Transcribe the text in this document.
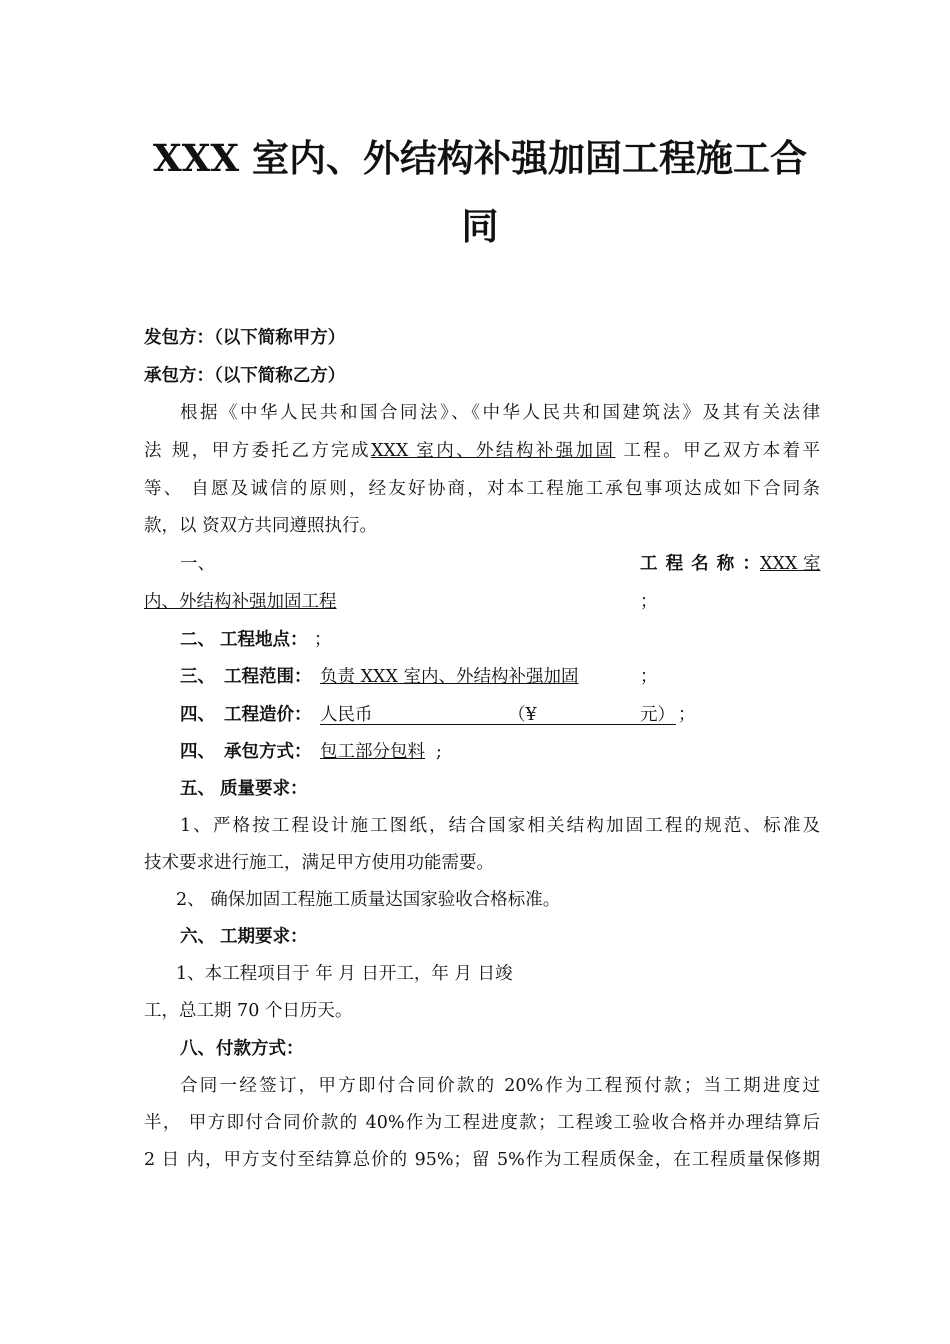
XXX 室内、外结构补强加固工程施工合
同
发包方：（以下简称甲方）
承包方：（以下简称乙方）
根据《中华人民共和国合同法》、《中华人民共和国建筑法》及其有关法律
法 规，甲方委托乙方完成XXX 室内、外结构补强加固 工程。甲乙双方本着平
等、 自愿及诚信的原则，经友好协商，对本工程施工承包事项达成如下合同条
款，以 资双方共同遵照执行。
一、	工 程 名 称 ： XXX 室
内、外结构补强加固工程	；
二、 工程地点： ；
三、 工程范围： 负责 XXX 室内、外结构补强加固	；
四、 工程造价： 人民币	（¥	元） ；
四、 承包方式： 包工部分包料 ;
五、 质量要求：
1、严格按工程设计施工图纸，结合国家相关结构加固工程的规范、标准及
技术要求进行施工，满足甲方使用功能需要。
2、 确保加固工程施工质量达国家验收合格标准。
六、 工期要求：
1、本工程项目于 年 月 日开工，年 月 日竣
工，总工期 70 个日历天。
八、 付款方式：
合同一经签订，甲方即付合同价款的 20%作为工程预付款；当工期进度过
半， 甲方即付合同价款的 40%作为工程进度款；工程竣工验收合格并办理结算后
2 日 内，甲方支付至结算总价的 95%；留 5%作为工程质保金，在工程质量保修期
